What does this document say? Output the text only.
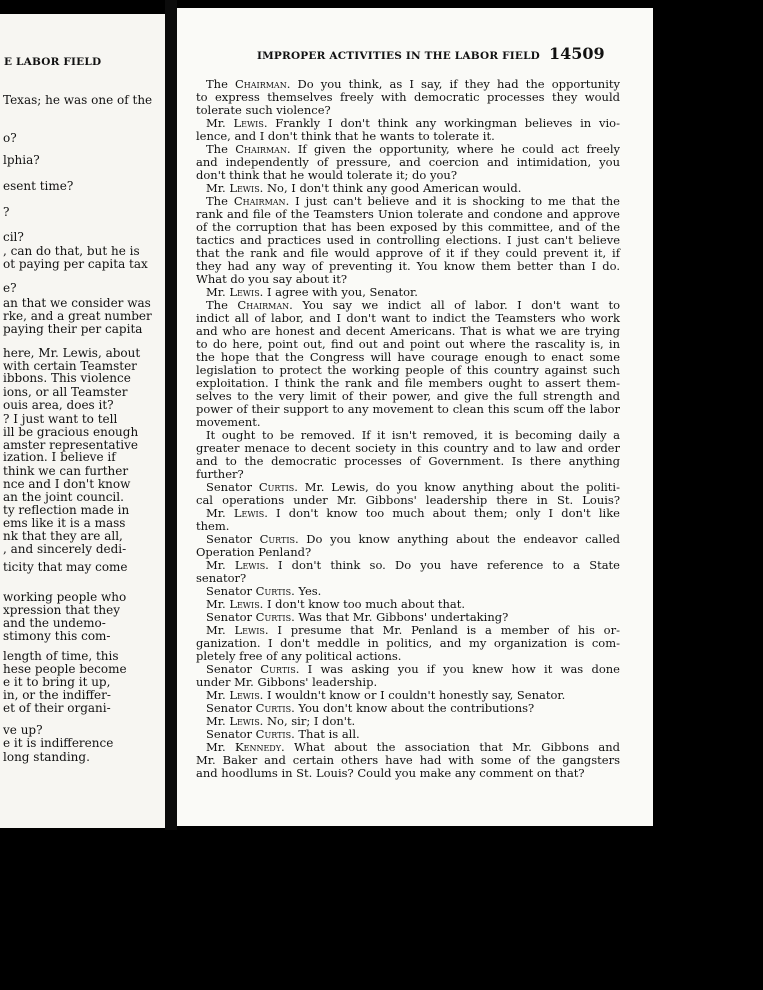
E LABOR FIELD
Texas; he was one of the
o?
lphia?
esent time?
?
cil?
, can do that, but he is
ot paying per capita tax
e?
an that we consider was
rke, and a great number
paying their per capita
here, Mr. Lewis, about
with certain Teamster
ibbons. This violence
ions, or all Teamster
ouis area, does it?
? I just want to tell
ill be gracious enough
amster representative
ization. I believe if
think we can further
nce and I don't know
an the joint council.
ty reflection made in
ems like it is a mass
nk that they are all,
, and sincerely dedi-
ticity that may come
working people who
xpression that they
and the undemo-
stimony this com-
length of time, this
hese people become
e it to bring it up,
in, or the indiffer-
et of their organi-
ve up?
e it is indifference
long standing.
IMPROPER ACTIVITIES IN THE LABOR FIELD 14509
The Chairman. Do you think, as I say, if they had the opportunity
to express themselves freely with democratic processes they would
tolerate such violence?
Mr. Lewis. Frankly I don't think any workingman believes in vio-
lence, and I don't think that he wants to tolerate it.
The Chairman. If given the opportunity, where he could act freely
and independently of pressure, and coercion and intimidation, you
don't think that he would tolerate it; do you?
Mr. Lewis. No, I don't think any good American would.
The Chairman. I just can't believe and it is shocking to me that the
rank and file of the Teamsters Union tolerate and condone and approve
of the corruption that has been exposed by this committee, and of the
tactics and practices used in controlling elections. I just can't believe
that the rank and file would approve of it if they could prevent it, if
they had any way of preventing it. You know them better than I do.
What do you say about it?
Mr. Lewis. I agree with you, Senator.
The Chairman. You say we indict all of labor. I don't want to
indict all of labor, and I don't want to indict the Teamsters who work
and who are honest and decent Americans. That is what we are trying
to do here, point out, find out and point out where the rascality is, in
the hope that the Congress will have courage enough to enact some
legislation to protect the working people of this country against such
exploitation. I think the rank and file members ought to assert them-
selves to the very limit of their power, and give the full strength and
power of their support to any movement to clean this scum off the labor
movement.
It ought to be removed. If it isn't removed, it is becoming daily a
greater menace to decent society in this country and to law and order
and to the democratic processes of Government. Is there anything
further?
Senator Curtis. Mr. Lewis, do you know anything about the politi-
cal operations under Mr. Gibbons' leadership there in St. Louis?
Mr. Lewis. I don't know too much about them; only I don't like
them.
Senator Curtis. Do you know anything about the endeavor called
Operation Penland?
Mr. Lewis. I don't think so. Do you have reference to a State
senator?
Senator Curtis. Yes.
Mr. Lewis. I don't know too much about that.
Senator Curtis. Was that Mr. Gibbons' undertaking?
Mr. Lewis. I presume that Mr. Penland is a member of his or-
ganization. I don't meddle in politics, and my organization is com-
pletely free of any political actions.
Senator Curtis. I was asking you if you knew how it was done
under Mr. Gibbons' leadership.
Mr. Lewis. I wouldn't know or I couldn't honestly say, Senator.
Senator Curtis. You don't know about the contributions?
Mr. Lewis. No, sir; I don't.
Senator Curtis. That is all.
Mr. Kennedy. What about the association that Mr. Gibbons and
Mr. Baker and certain others have had with some of the gangsters
and hoodlums in St. Louis? Could you make any comment on that?
